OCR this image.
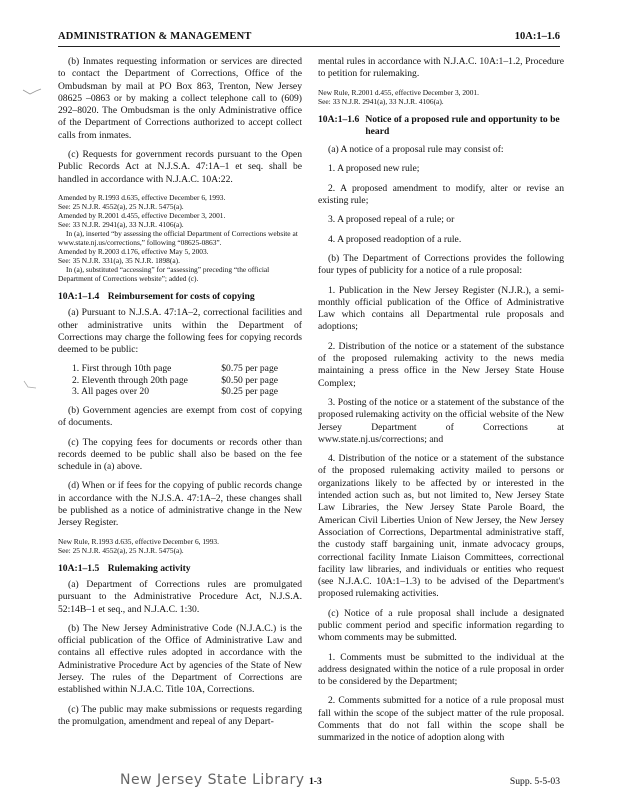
ADMINISTRATION & MANAGEMENT	10A:1–1.6

(b) Inmates requesting information or services are directed to contact the Department of Corrections, Office of the Ombudsman by mail at PO Box 863, Trenton, New Jersey 08625 –0863 or by making a collect telephone call to (609) 292–8020. The Ombudsman is the only Administrative office of the Department of Corrections authorized to accept collect calls from inmates.

(c) Requests for government records pursuant to the Open Public Records Act at N.J.S.A. 47:1A–1 et seq. shall be handled in accordance with N.J.A.C. 10A:22.

Amended by R.1993 d.635, effective December 6, 1993.
See: 25 N.J.R. 4552(a), 25 N.J.R. 5475(a).
Amended by R.2001 d.455, effective December 3, 2001.
See: 33 N.J.R. 2941(a), 33 N.J.R. 4106(a).
In (a), inserted “by assessing the official Department of Corrections website at www.state.nj.us/corrections,” following “08625-0863”.
Amended by R.2003 d.176, effective May 5, 2003.
See: 35 N.J.R. 331(a), 35 N.J.R. 1898(a).
In (a), substituted “accessing” for “assessing” preceding “the official Department of Corrections website”; added (c).
10A:1–1.4 Reimbursement for costs of copying

(a) Pursuant to N.J.S.A. 47:1A–2, correctional facilities and other administrative units within the Department of Corrections may charge the following fees for copying records deemed to be public:

1. First through 10th page	$0.75 per page
2. Eleventh through 20th page	$0.50 per page
3. All pages over 20	$0.25 per page

(b) Government agencies are exempt from cost of copying of documents.

(c) The copying fees for documents or records other than records deemed to be public shall also be based on the fee schedule in (a) above.

(d) When or if fees for the copying of public records change in accordance with the N.J.S.A. 47:1A–2, these changes shall be published as a notice of administrative change in the New Jersey Register.

New Rule, R.1993 d.635, effective December 6, 1993.
See: 25 N.J.R. 4552(a), 25 N.J.R. 5475(a).
10A:1–1.5 Rulemaking activity

(a) Department of Corrections rules are promulgated pursuant to the Administrative Procedure Act, N.J.S.A. 52:14B–1 et seq., and N.J.A.C. 1:30.

(b) The New Jersey Administrative Code (N.J.A.C.) is the official publication of the Office of Administrative Law and contains all effective rules adopted in accordance with the Administrative Procedure Act by agencies of the State of New Jersey. The rules of the Department of Corrections are established within N.J.A.C. Title 10A, Corrections.

(c) The public may make submissions or requests regarding the promulgation, amendment and repeal of any Depart-

mental rules in accordance with N.J.A.C. 10A:1–1.2, Procedure to petition for rulemaking.

New Rule, R.2001 d.455, effective December 3, 2001.
See: 33 N.J.R. 2941(a), 33 N.J.R. 4106(a).
10A:1–1.6 Notice of a proposed rule and opportunity to be heard

(a) A notice of a proposal rule may consist of:

1. A proposed new rule;

2. A proposed amendment to modify, alter or revise an existing rule;

3. A proposed repeal of a rule; or

4. A proposed readoption of a rule.

(b) The Department of Corrections provides the following four types of publicity for a notice of a rule proposal:

1. Publication in the New Jersey Register (N.J.R.), a semi-monthly official publication of the Office of Administrative Law which contains all Departmental rule proposals and adoptions;

2. Distribution of the notice or a statement of the substance of the proposed rulemaking activity to the news media maintaining a press office in the New Jersey State House Complex;

3. Posting of the notice or a statement of the substance of the proposed rulemaking activity on the official website of the New Jersey Department of Corrections at www.state.nj.us/corrections; and

4. Distribution of the notice or a statement of the substance of the proposed rulemaking activity mailed to persons or organizations likely to be affected by or interested in the intended action such as, but not limited to, New Jersey State Law Libraries, the New Jersey State Parole Board, the American Civil Liberties Union of New Jersey, the New Jersey Association of Corrections, Departmental administrative staff, the custody staff bargaining unit, inmate advocacy groups, correctional facility Inmate Liaison Committees, correctional facility law libraries, and individuals or entities who request (see N.J.A.C. 10A:1–1.3) to be advised of the Department's proposed rulemaking activities.

(c) Notice of a rule proposal shall include a designated public comment period and specific information regarding to whom comments may be submitted.

1. Comments must be submitted to the individual at the address designated within the notice of a rule proposal in order to be considered by the Department;

2. Comments submitted for a notice of a rule proposal must fall within the scope of the subject matter of the rule proposal. Comments that do not fall within the scope shall be summarized in the notice of adoption along with

New Jersey State Library 1-3	Supp. 5-5-03
